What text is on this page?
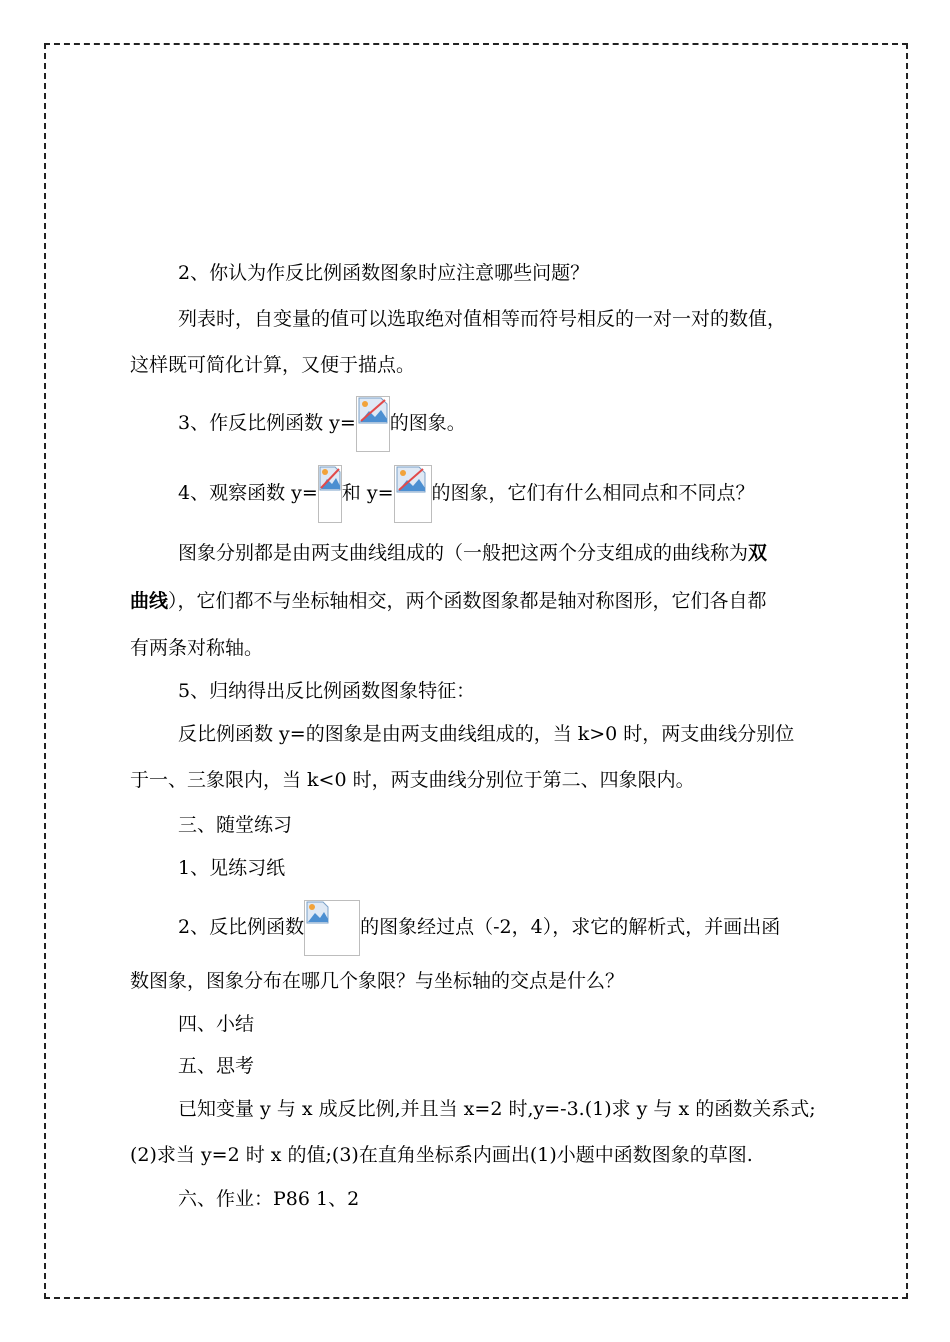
2、你认为作反比例函数图象时应注意哪些问题？
列表时，自变量的值可以选取绝对值相等而符号相反的一对一对的数值，
这样既可简化计算，又便于描点。
3、作反比例函数 y= 的图象。
4、观察函数 y= 和 y= 的图象，它们有什么相同点和不同点？
图象分别都是由两支曲线组成的（一般把这两个分支组成的曲线称为双
曲线），它们都不与坐标轴相交，两个函数图象都是轴对称图形，它们各自都
有两条对称轴。
5、归纳得出反比例函数图象特征：
反比例函数 y=的图象是由两支曲线组成的，当 k>0 时，两支曲线分别位
于一、三象限内，当 k<0 时，两支曲线分别位于第二、四象限内。
三、随堂练习
1、见练习纸
2、反比例函数	的图象经过点（-2，4），求它的解析式，并画出函
数图象，图象分布在哪几个象限？与坐标轴的交点是什么？
四、小结
五、思考
已知变量 y 与 x 成反比例,并且当 x=2 时,y=-3.(1)求 y 与 x 的函数关系式;
(2)求当 y=2 时 x 的值;(3)在直角坐标系内画出(1)小题中函数图象的草图.
六、作业：P86 1、2
